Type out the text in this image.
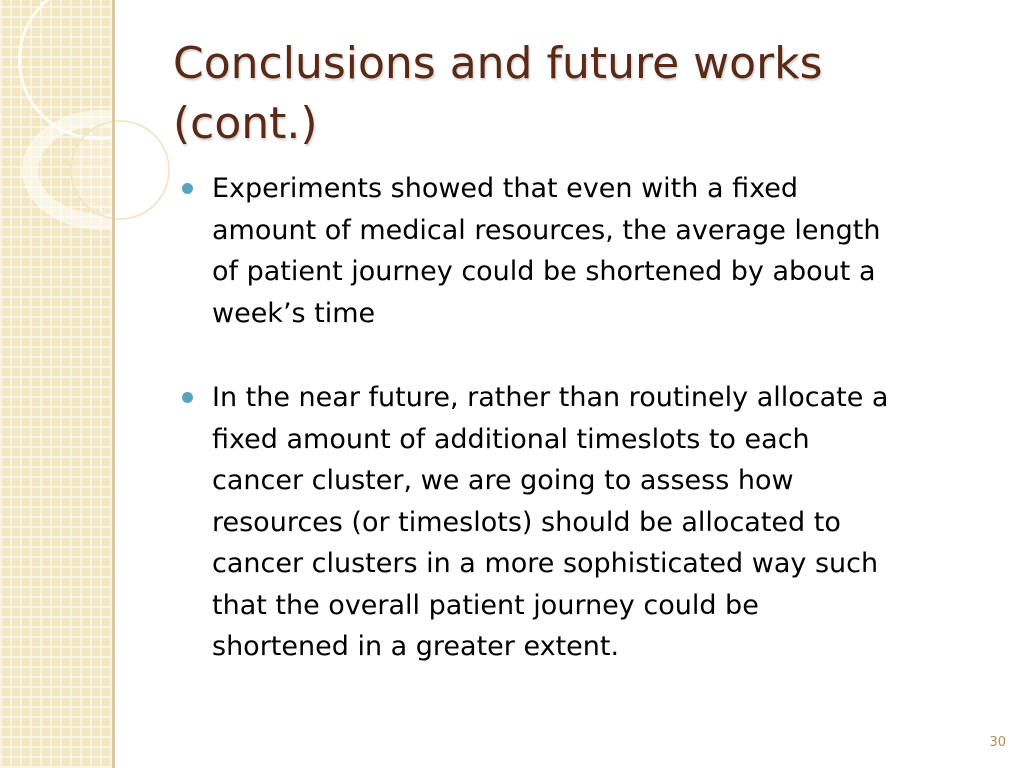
Conclusions and future works
(cont.)
Experiments showed that even with a fixed
amount of medical resources, the average length
of patient journey could be shortened by about a
week’s time
In the near future, rather than routinely allocate a
fixed amount of additional timeslots to each
cancer cluster, we are going to assess how
resources (or timeslots) should be allocated to
cancer clusters in a more sophisticated way such
that the overall patient journey could be
shortened in a greater extent.
30
